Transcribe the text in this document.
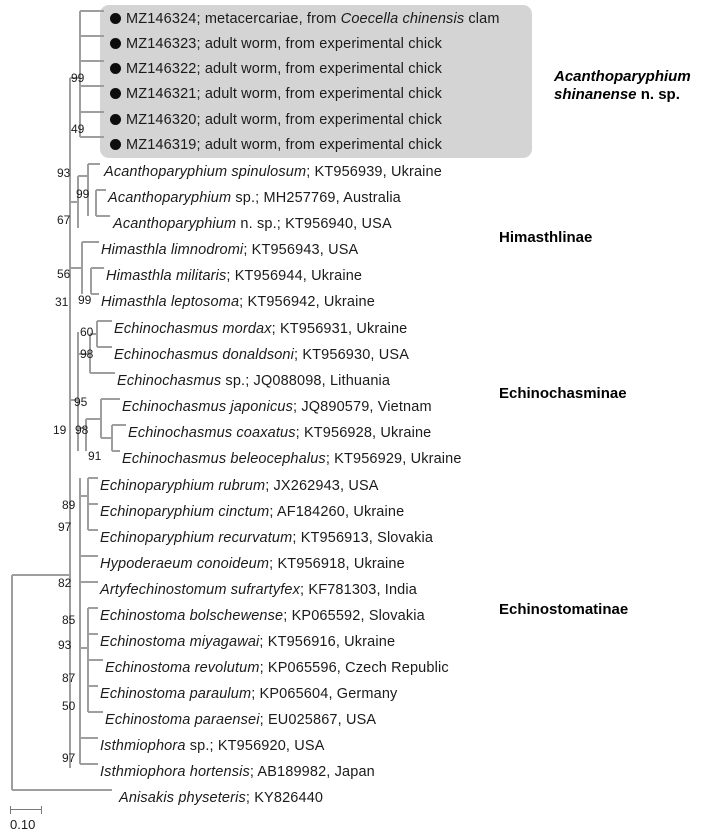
MZ146324; metacercariae, from Coecella chinensis clam
MZ146323; adult worm, from experimental chick
MZ146322; adult worm, from experimental chick
MZ146321; adult worm, from experimental chick
MZ146320; adult worm, from experimental chick
MZ146319; adult worm, from experimental chick
Acanthoparyphium spinulosum; KT956939, Ukraine
Acanthoparyphium sp.; MH257769, Australia
Acanthoparyphium n. sp.; KT956940, USA
Himasthla limnodromi; KT956943, USA
Himasthla militaris; KT956944, Ukraine
Himasthla leptosoma; KT956942, Ukraine
Echinochasmus mordax; KT956931, Ukraine
Echinochasmus donaldsoni; KT956930, USA
Echinochasmus sp.; JQ088098, Lithuania
Echinochasmus japonicus; JQ890579, Vietnam
Echinochasmus coaxatus; KT956928, Ukraine
Echinochasmus beleocephalus; KT956929, Ukraine
Echinoparyphium rubrum; JX262943, USA
Echinoparyphium cinctum; AF184260, Ukraine
Echinoparyphium recurvatum; KT956913, Slovakia
Hypoderaeum conoideum; KT956918, Ukraine
Artyfechinostomum sufrartyfex; KF781303, India
Echinostoma bolschewense; KP065592, Slovakia
Echinostoma miyagawai; KT956916, Ukraine
Echinostoma revolutum; KP065596, Czech Republic
Echinostoma paraulum; KP065604, Germany
Echinostoma paraensei; EU025867, USA
Isthmiophora sp.; KT956920, USA
Isthmiophora hortensis; AB189982, Japan
Anisakis physeteris; KY826440
99
49
93
99
67
56
31 99
60
98
95
19 98
91
89
97
82
85
93
87
50
97
Acanthoparyphium
shinanense n. sp.
Himasthlinae
Echinochasminae
Echinostomatinae
0.10
